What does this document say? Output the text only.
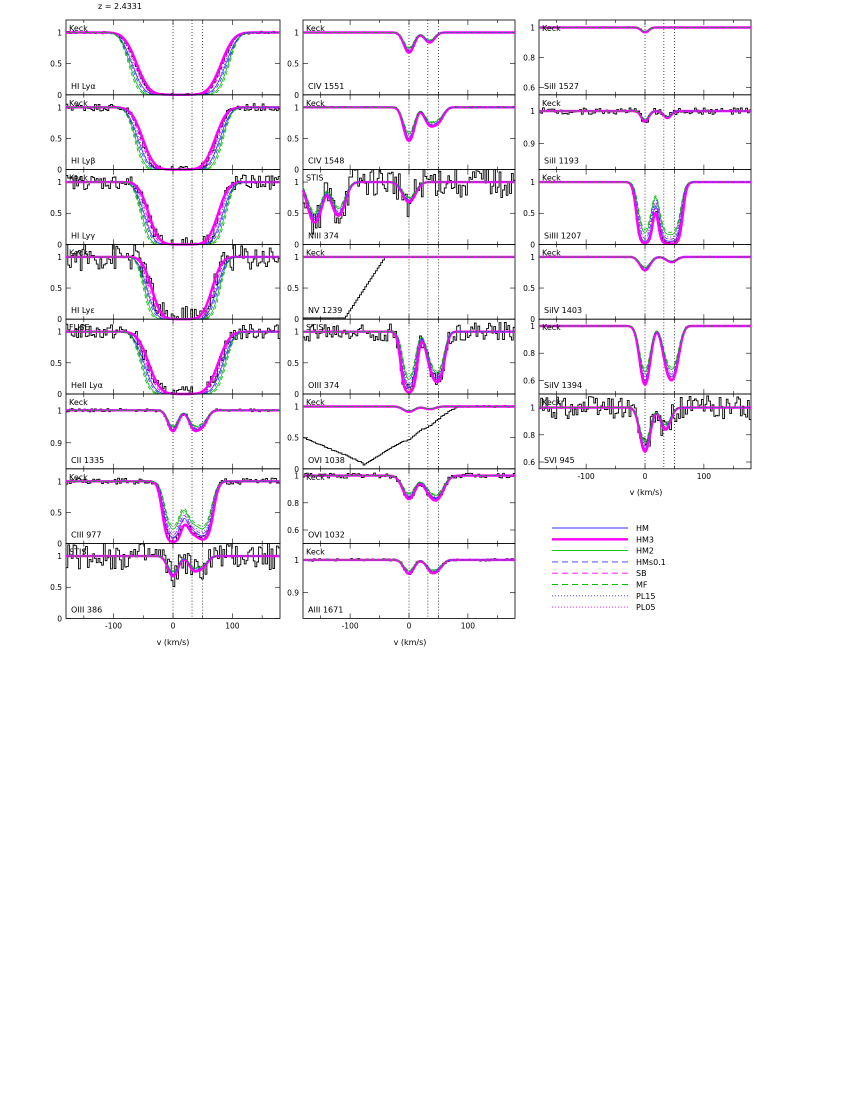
z = 2.4331
0
0.5
1 Keck
HI Lyα
0
0.5
1 Keck
HI Lyβ
0
0.5
1 Keck
HI Lyγ
0
0.5
1 Keck
HI Lyε
0
0.5
1 FUSE
HeII Lyα
0.9
1
Keck
CII 1335
0
0.5
1 Keck
CIII 977
0
0.5
1 STIS
OIII 386
-100	0	100
0
0.5
1 Keck
CIV 1551
0
0.5
1 Keck
CIV 1548
0
0.5
1 STIS
NIII 374
0
0.5
1 Keck
NV 1239
0
0.5
1 STIS
OIII 374
0
0.5
1 Keck
OVI 1038
0.6
0.8
1 Keck
OVI 1032
0.9
1
Keck
AlII 1671
-100	0	100
0.6
0.8
1 Keck
SiII 1527
0.9
1
Keck
SiII 1193
0
0.5
1 Keck
SiIII 1207
0
0.5
1 Keck
SiIV 1403
0.6
0.8
1 Keck
SiIV 1394
0.6
0.8
1
Keck
SVI 945
-100	0	100
v (km/s)	v (km/s)
v (km/s)
HM
HM3
HM2
HMs0.1
SB
MF
PL15
PL05
